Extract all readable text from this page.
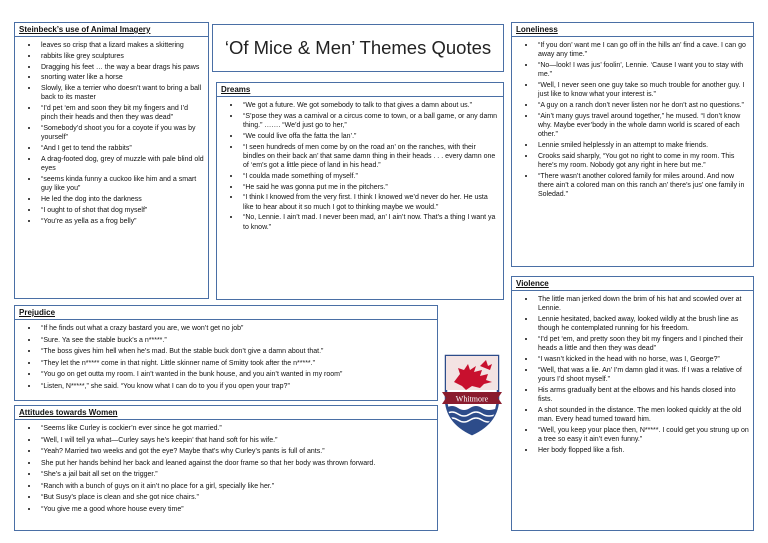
‘Of Mice & Men’ Themes Quotes
Steinbeck’s use of Animal Imagery
• leaves so crisp that a lizard makes a skittering
• rabbits like grey sculptures
• Dragging his feet … the way a bear drags his paws
• snorting water like a horse
• Slowly, like a terrier who doesn’t want to bring a ball back to its master
• “I’d pet ‘em and soon they bit my fingers and I’d pinch their heads and then they was dead”
• “Somebody’d shoot you for a coyote if you was by yourself”
• “And I get to tend the rabbits”
• A drag-footed dog, grey of muzzle with pale blind old eyes
• “seems kinda funny a cuckoo like him and a smart guy like you”
• He led the dog into the darkness
• “I ought to of shot that dog myself”
• “You’re as yella as a frog belly”
Dreams
• “We got a future. We got somebody to talk to that gives a damn about us.”
• “S’pose they was a carnival or a circus come to town, or a ball game, or any damn thing.” ……. “We’d just go to her,”
• “We could live offa the fatta the lan’.”
• “I seen hundreds of men come by on the road an’ on the ranches, with their bindles on their back an’ that same damn thing in their heads . . . every damn one of ‘em’s got a little piece of land in his head.”
• “I coulda made something of myself.”
• “He said he was gonna put me in the pitchers.”
• “I think I knowed from the very first. I think I knowed we’d never do her. He usta like to hear about it so much I got to thinking maybe we would.”
• “No, Lennie. I ain’t mad. I never been mad, an’ I ain’t now. That’s a thing I want ya to know.”
Loneliness
• “If you don’ want me I can go off in the hills an’ find a cave. I can go away any time.”
• “No—look! I was jus’ foolin’, Lennie. ‘Cause I want you to stay with me.”
• “Well, I never seen one guy take so much trouble for another guy. I just like to know what your interest is.”
• “A guy on a ranch don’t never listen nor he don’t ast no questions.”
• “Ain’t many guys travel around together,” he mused. “I don’t know why. Maybe ever’body in the whole damn world is scared of each other.”
• Lennie smiled helplessly in an attempt to make friends.
• Crooks said sharply, “You got no right to come in my room. This here’s my room. Nobody got any right in here but me.”
• “There wasn’t another colored family for miles around. And now there ain’t a colored man on this ranch an’ there’s jus’ one family in Soledad.”
Prejudice
• “If he finds out what a crazy bastard you are, we won’t get no job”
• “Sure. Ya see the stable buck’s a n*****.”
• “The boss gives him hell when he’s mad. But the stable buck don’t give a damn about that.”
• “They let the n***** come in that night. Little skinner name of Smitty took after the n*****.”
• “You go on get outta my room. I ain’t wanted in the bunk house, and you ain’t wanted in my room”
• “Listen, N*****,” she said. “You know what I can do to you if you open your trap?”
Attitudes towards Women
• “Seems like Curley is cockier’n ever since he got married.”
• “Well, I will tell ya what—Curley says he’s keepin’ that hand soft for his wife.”
• “Yeah? Married two weeks and got the eye? Maybe that’s why Curley’s pants is full of ants.”
• She put her hands behind her back and leaned against the door frame so that her body was thrown forward.
• “She’s a jail bait all set on the trigger.”
• “Ranch with a bunch of guys on it ain’t no place for a girl, specially like her.”
• “But Susy’s place is clean and she got nice chairs.”
• “You give me a good whore house every time”
Violence
• The little man jerked down the brim of his hat and scowled over at Lennie.
• Lennie hesitated, backed away, looked wildly at the brush line as though he contemplated running for his freedom.
• “I’d pet ‘em, and pretty soon they bit my fingers and I pinched their heads a little and then they was dead”
• “I wasn’t kicked in the head with no horse, was I, George?”
• “Well, that was a lie. An’ I’m damn glad it was. If I was a relative of yours I’d shoot myself.”
• His arms gradually bent at the elbows and his hands closed into fists.
• A shot sounded in the distance. The men looked quickly at the old man. Every head turned toward him.
• “Well, you keep your place then, N*****. I could get you strung up on a tree so easy it ain’t even funny.”
• Her body flopped like a fish.
Whitmore
